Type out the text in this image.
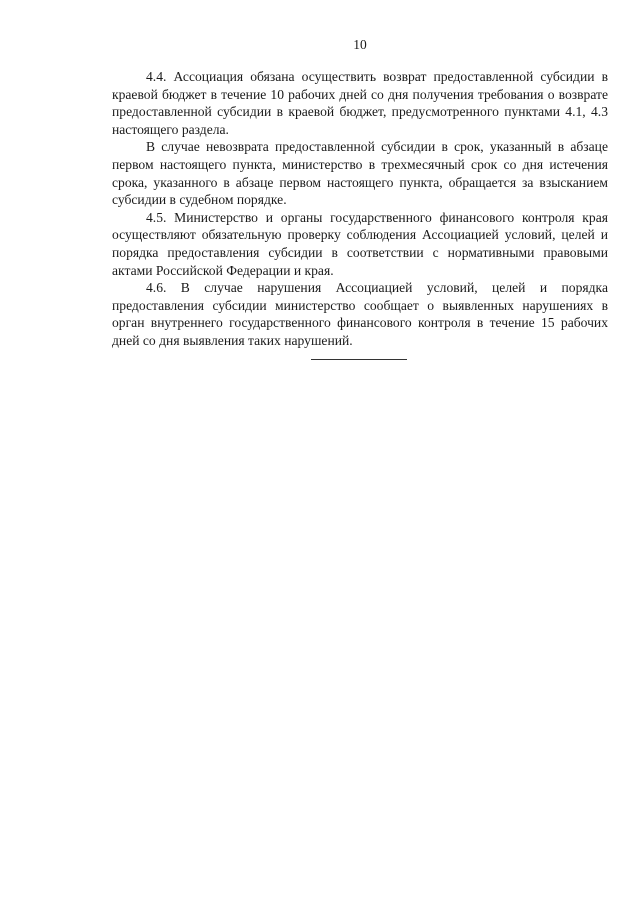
10

4.4. Ассоциация обязана осуществить возврат предоставленной субсидии в краевой бюджет в течение 10 рабочих дней со дня получения требования о возврате предоставленной субсидии в краевой бюджет, предусмотренного пунктами 4.1, 4.3 настоящего раздела.

В случае невозврата предоставленной субсидии в срок, указанный в абзаце первом настоящего пункта, министерство в трехмесячный срок со дня истечения срока, указанного в абзаце первом настоящего пункта, обращается за взысканием субсидии в судебном порядке.

4.5. Министерство и органы государственного финансового контроля края осуществляют обязательную проверку соблюдения Ассоциацией условий, целей и порядка предоставления субсидии в соответствии с нормативными правовыми актами Российской Федерации и края.

4.6. В случае нарушения Ассоциацией условий, целей и порядка предоставления субсидии министерство сообщает о выявленных нарушениях в орган внутреннего государственного финансового контроля в течение 15 рабочих дней со дня выявления таких нарушений.
